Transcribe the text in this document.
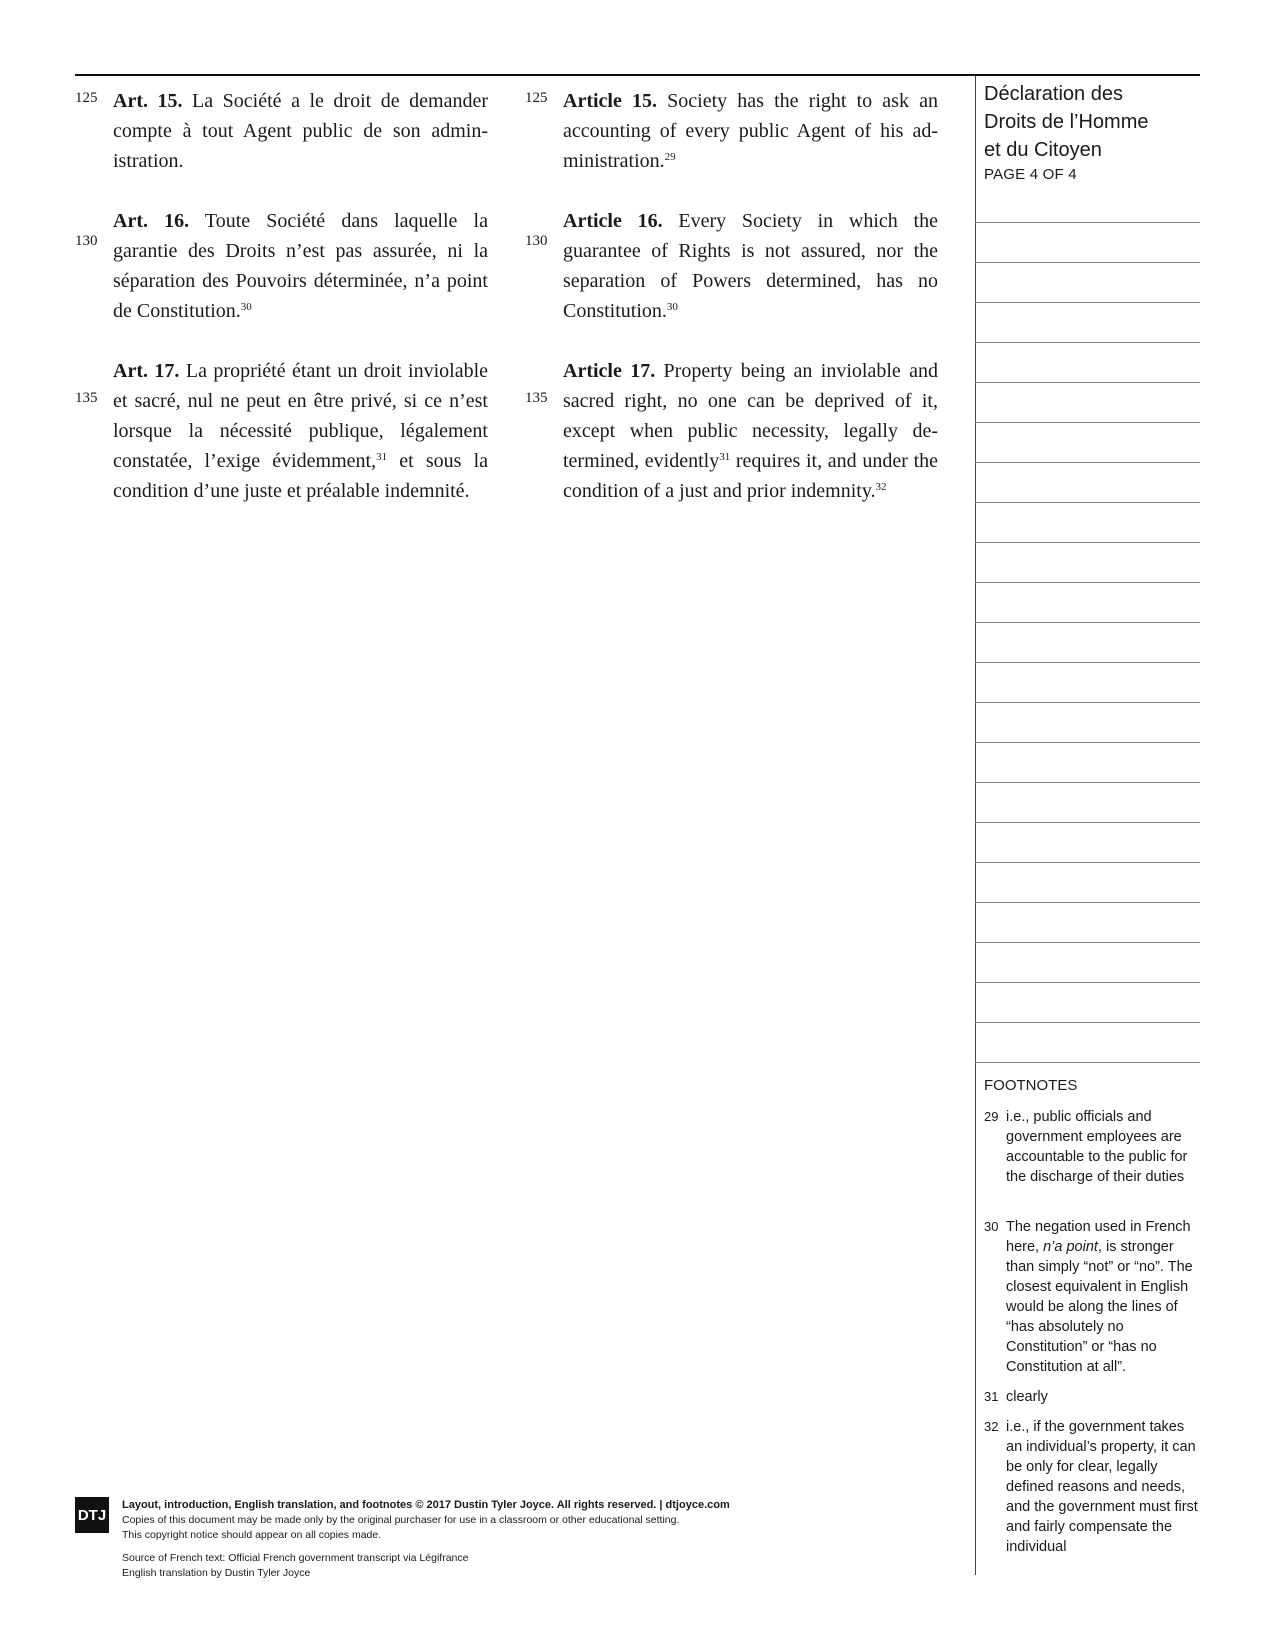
125
130
135
125
130
135

Art. 15. La Société a le droit de demander compte à tout Agent public de son administration.

Art. 16. Toute Société dans laquelle la garantie des Droits n’est pas assurée, ni la séparation des Pouvoirs déterminée, n’a point de Constitution.$^{30}$

Art. 17. La propriété étant un droit inviolable et sacré, nul ne peut en être privé, si ce n’est lorsque la nécessité publique, légalement constatée, l’exige évidemment,$^{31}$ et sous la condition d’une juste et préalable indemnité.

Article 15. Society has the right to ask an accounting of every public Agent of his administration.$^{29}$

Article 16. Every Society in which the guarantee of Rights is not assured, nor the separation of Powers determined, has no Constitution.$^{30}$

Article 17. Property being an inviolable and sacred right, no one can be deprived of it, except when public necessity, legally determined, evidently$^{31}$ requires it, and under the condition of a just and prior indemnity.$^{32}$

Déclaration des
Droits de l’Homme
et du Citoyen
PAGE 4 OF 4
FOOTNOTES
29 i.e., public officials and government employees are accountable to the public for the discharge of their duties
30 The negation used in French here, n’a point, is stronger than simply “not” or “no”. The closest equivalent in English would be along the lines of “has absolutely no Constitution” or “has no Constitution at all”.
31 clearly
32 i.e., if the government takes an individual’s property, it can be only for clear, legally defined reasons and needs, and the government must first and fairly compensate the individual
DTJ
Layout, introduction, English translation, and footnotes © 2017 Dustin Tyler Joyce. All rights reserved. | dtjoyce.com
Copies of this document may be made only by the original purchaser for use in a classroom or other educational setting.
This copyright notice should appear on all copies made.
Source of French text: Official French government transcript via Légifrance
English translation by Dustin Tyler Joyce
